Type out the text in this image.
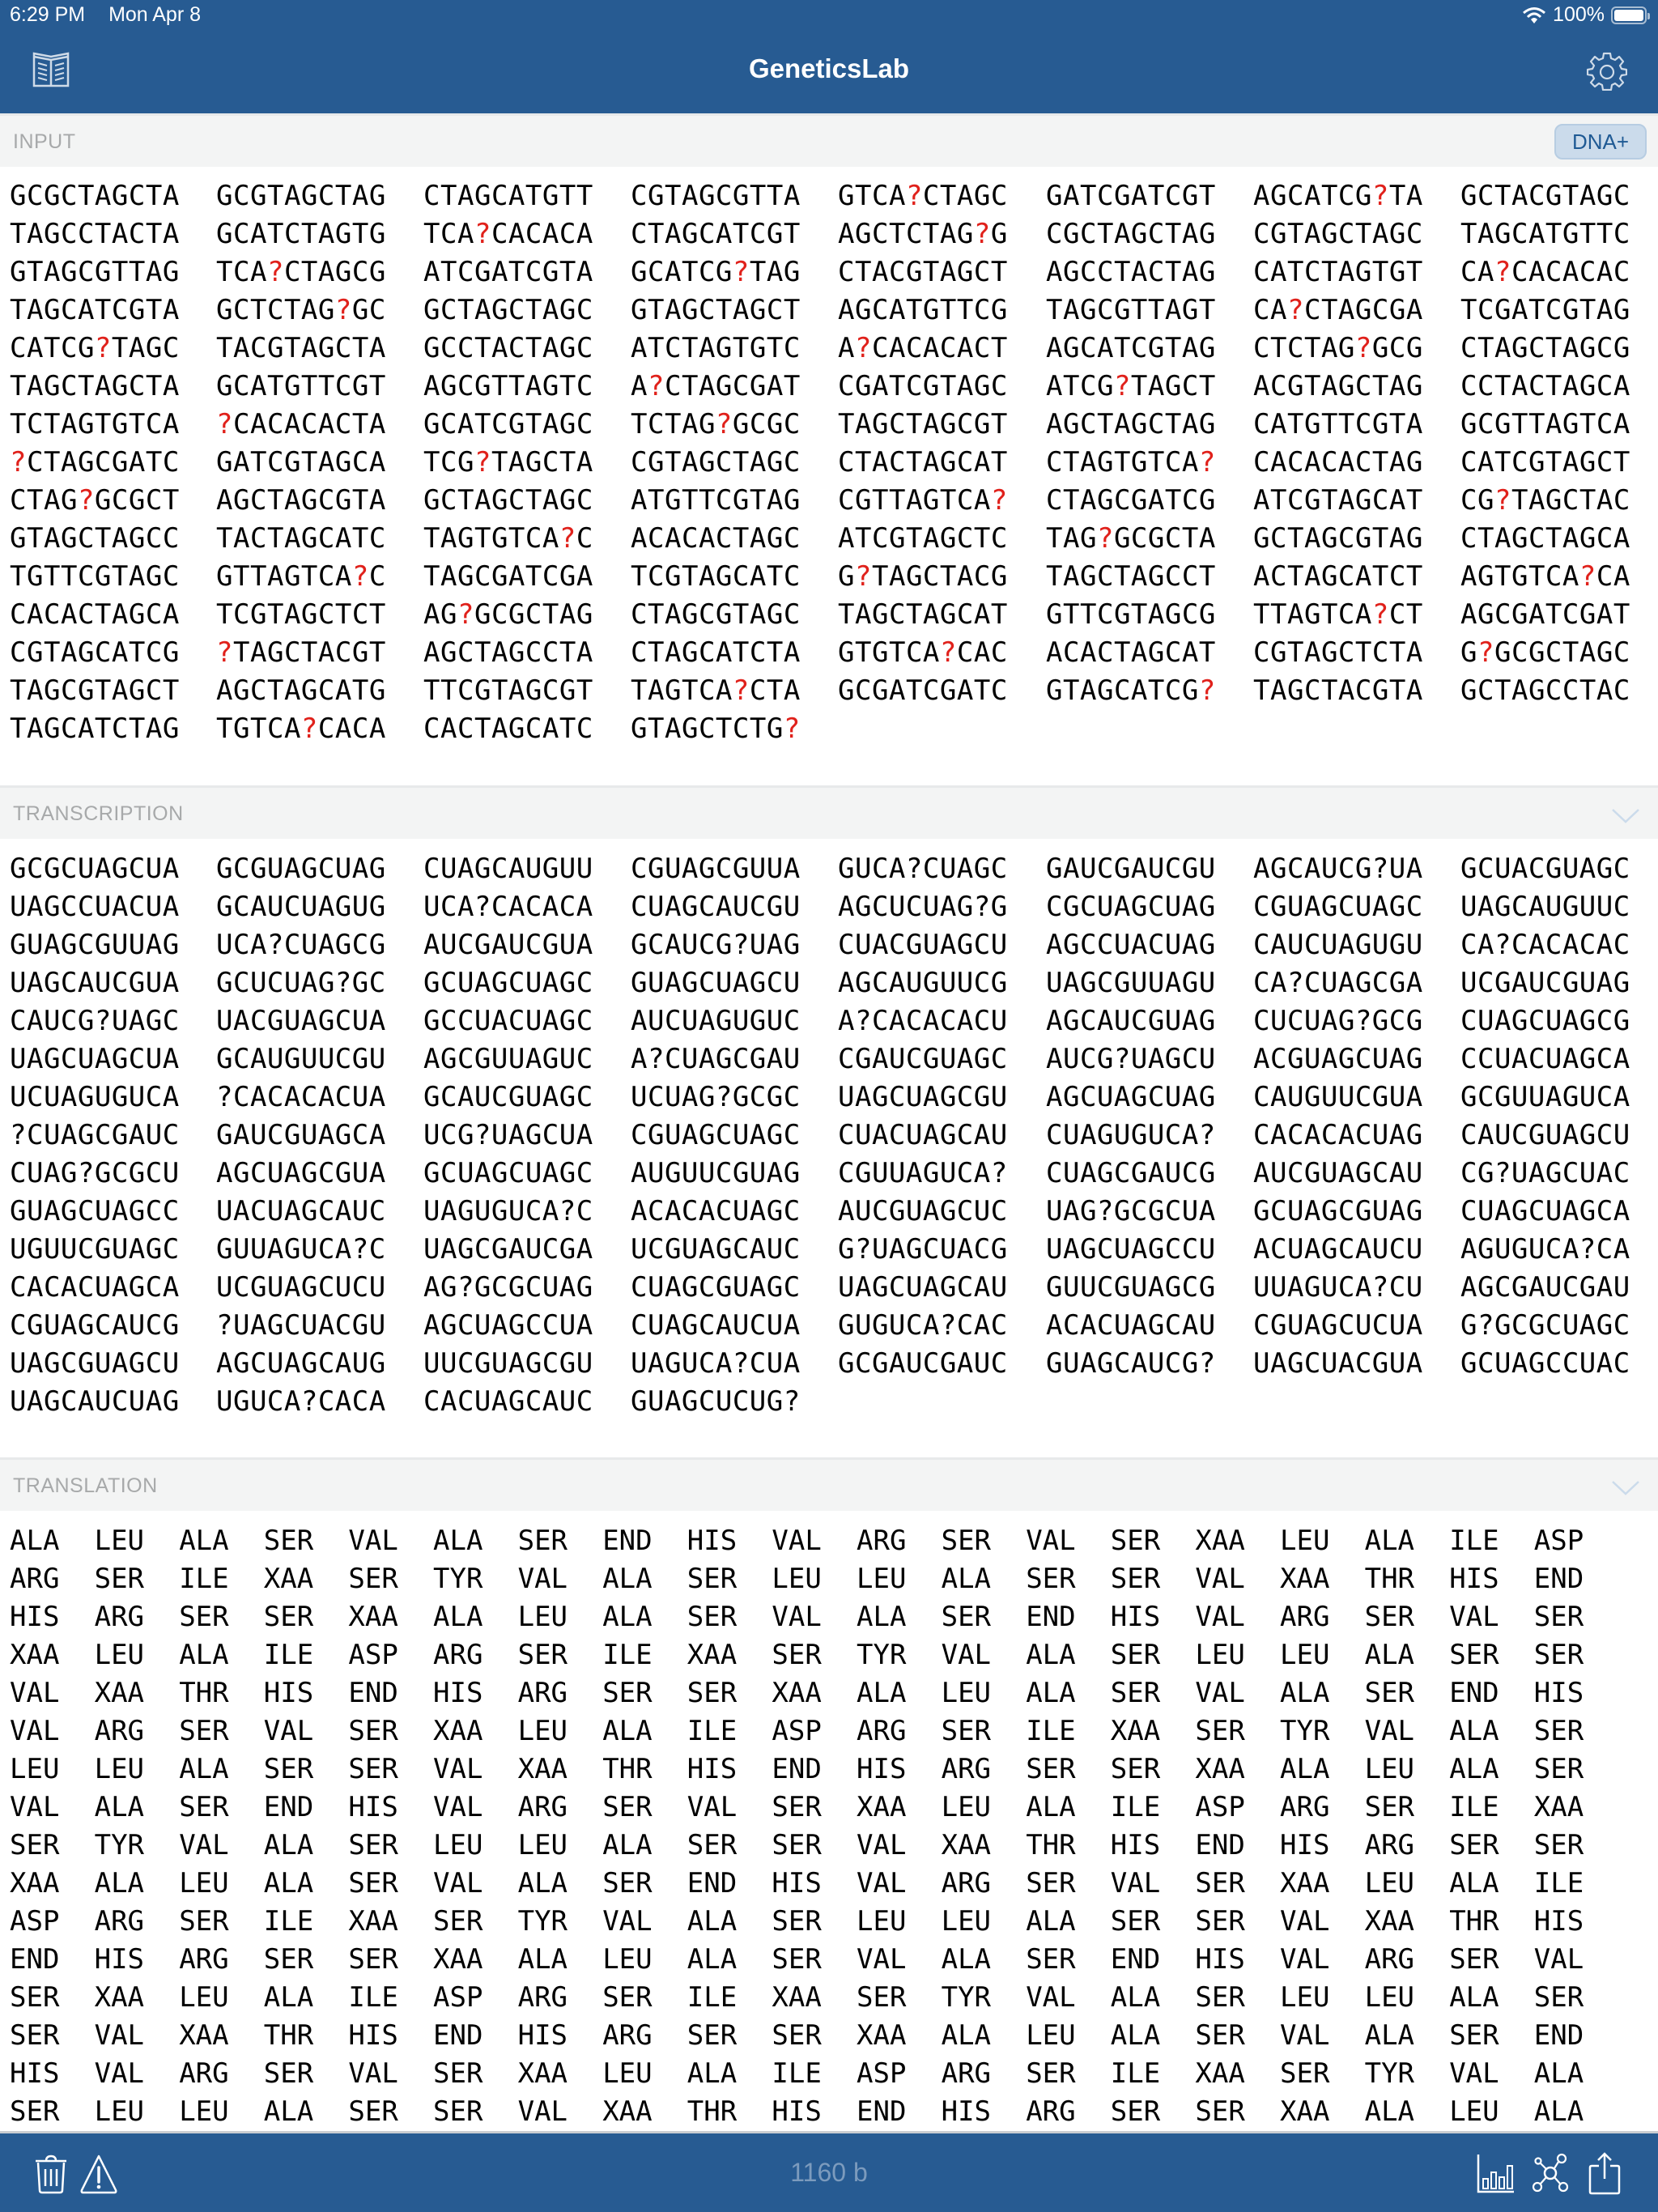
6:29 PM Mon Apr 8	100%
GeneticsLab
INPUT	DNA+
GCGCTAGCTA GCGTAGCTAG CTAGCATGTT CGTAGCGTTA GTCA?CTAGC GATCGATCGT AGCATCG?TA GCTACGTAGC
TAGCCTACTA GCATCTAGTG TCA?CACACA CTAGCATCGT AGCTCTAG?G CGCTAGCTAG CGTAGCTAGC TAGCATGTTC
GTAGCGTTAG TCA?CTAGCG ATCGATCGTA GCATCG?TAG CTACGTAGCT AGCCTACTAG CATCTAGTGT CA?CACACAC
TAGCATCGTA GCTCTAG?GC GCTAGCTAGC GTAGCTAGCT AGCATGTTCG TAGCGTTAGT CA?CTAGCGA TCGATCGTAG
CATCG?TAGC TACGTAGCTA GCCTACTAGC ATCTAGTGTC A?CACACACT AGCATCGTAG CTCTAG?GCG CTAGCTAGCG
TAGCTAGCTA GCATGTTCGT AGCGTTAGTC A?CTAGCGAT CGATCGTAGC ATCG?TAGCT ACGTAGCTAG CCTACTAGCA
TCTAGTGTCA ?CACACACTA GCATCGTAGC TCTAG?GCGC TAGCTAGCGT AGCTAGCTAG CATGTTCGTA GCGTTAGTCA
?CTAGCGATC GATCGTAGCA TCG?TAGCTA CGTAGCTAGC CTACTAGCAT CTAGTGTCA? CACACACTAG CATCGTAGCT
CTAG?GCGCT AGCTAGCGTA GCTAGCTAGC ATGTTCGTAG CGTTAGTCA? CTAGCGATCG ATCGTAGCAT CG?TAGCTAC
GTAGCTAGCC TACTAGCATC TAGTGTCA?C ACACACTAGC ATCGTAGCTC TAG?GCGCTA GCTAGCGTAG CTAGCTAGCA
TGTTCGTAGC GTTAGTCA?C TAGCGATCGA TCGTAGCATC G?TAGCTACG TAGCTAGCCT ACTAGCATCT AGTGTCA?CA
CACACTAGCA TCGTAGCTCT AG?GCGCTAG CTAGCGTAGC TAGCTAGCAT GTTCGTAGCG TTAGTCA?CT AGCGATCGAT
CGTAGCATCG ?TAGCTACGT AGCTAGCCTA CTAGCATCTA GTGTCA?CAC ACACTAGCAT CGTAGCTCTA G?GCGCTAGC
TAGCGTAGCT AGCTAGCATG TTCGTAGCGT TAGTCA?CTA GCGATCGATC GTAGCATCG? TAGCTACGTA GCTAGCCTAC
TAGCATCTAG TGTCA?CACA CACTAGCATC GTAGCTCTG?
TRANSCRIPTION
GCGCUAGCUA GCGUAGCUAG CUAGCAUGUU CGUAGCGUUA GUCA?CUAGC GAUCGAUCGU AGCAUCG?UA GCUACGUAGC
UAGCCUACUA GCAUCUAGUG UCA?CACACA CUAGCAUCGU AGCUCUAG?G CGCUAGCUAG CGUAGCUAGC UAGCAUGUUC
GUAGCGUUAG UCA?CUAGCG AUCGAUCGUA GCAUCG?UAG CUACGUAGCU AGCCUACUAG CAUCUAGUGU CA?CACACAC
UAGCAUCGUA GCUCUAG?GC GCUAGCUAGC GUAGCUAGCU AGCAUGUUCG UAGCGUUAGU CA?CUAGCGA UCGAUCGUAG
CAUCG?UAGC UACGUAGCUA GCCUACUAGC AUCUAGUGUC A?CACACACU AGCAUCGUAG CUCUAG?GCG CUAGCUAGCG
UAGCUAGCUA GCAUGUUCGU AGCGUUAGUC A?CUAGCGAU CGAUCGUAGC AUCG?UAGCU ACGUAGCUAG CCUACUAGCA
UCUAGUGUCA ?CACACACUA GCAUCGUAGC UCUAG?GCGC UAGCUAGCGU AGCUAGCUAG CAUGUUCGUA GCGUUAGUCA
?CUAGCGAUC GAUCGUAGCA UCG?UAGCUA CGUAGCUAGC CUACUAGCAU CUAGUGUCA? CACACACUAG CAUCGUAGCU
CUAG?GCGCU AGCUAGCGUA GCUAGCUAGC AUGUUCGUAG CGUUAGUCA? CUAGCGAUCG AUCGUAGCAU CG?UAGCUAC
GUAGCUAGCC UACUAGCAUC UAGUGUCA?C ACACACUAGC AUCGUAGCUC UAG?GCGCUA GCUAGCGUAG CUAGCUAGCA
UGUUCGUAGC GUUAGUCA?C UAGCGAUCGA UCGUAGCAUC G?UAGCUACG UAGCUAGCCU ACUAGCAUCU AGUGUCA?CA
CACACUAGCA UCGUAGCUCU AG?GCGCUAG CUAGCGUAGC UAGCUAGCAU GUUCGUAGCG UUAGUCA?CU AGCGAUCGAU
CGUAGCAUCG ?UAGCUACGU AGCUAGCCUA CUAGCAUCUA GUGUCA?CAC ACACUAGCAU CGUAGCUCUA G?GCGCUAGC
UAGCGUAGCU AGCUAGCAUG UUCGUAGCGU UAGUCA?CUA GCGAUCGAUC GUAGCAUCG? UAGCUACGUA GCUAGCCUAC
UAGCAUCUAG UGUCA?CACA CACUAGCAUC GUAGCUCUG?
TRANSLATION
ALA LEU ALA SER VAL ALA SER END HIS VAL ARG SER VAL SER XAA LEU ALA ILE ASP
ARG SER ILE XAA SER TYR VAL ALA SER LEU LEU ALA SER SER VAL XAA THR HIS END
HIS ARG SER SER XAA ALA LEU ALA SER VAL ALA SER END HIS VAL ARG SER VAL SER
XAA LEU ALA ILE ASP ARG SER ILE XAA SER TYR VAL ALA SER LEU LEU ALA SER SER
VAL XAA THR HIS END HIS ARG SER SER XAA ALA LEU ALA SER VAL ALA SER END HIS
VAL ARG SER VAL SER XAA LEU ALA ILE ASP ARG SER ILE XAA SER TYR VAL ALA SER
LEU LEU ALA SER SER VAL XAA THR HIS END HIS ARG SER SER XAA ALA LEU ALA SER
VAL ALA SER END HIS VAL ARG SER VAL SER XAA LEU ALA ILE ASP ARG SER ILE XAA
SER TYR VAL ALA SER LEU LEU ALA SER SER VAL XAA THR HIS END HIS ARG SER SER
XAA ALA LEU ALA SER VAL ALA SER END HIS VAL ARG SER VAL SER XAA LEU ALA ILE
ASP ARG SER ILE XAA SER TYR VAL ALA SER LEU LEU ALA SER SER VAL XAA THR HIS
END HIS ARG SER SER XAA ALA LEU ALA SER VAL ALA SER END HIS VAL ARG SER VAL
SER XAA LEU ALA ILE ASP ARG SER ILE XAA SER TYR VAL ALA SER LEU LEU ALA SER
SER VAL XAA THR HIS END HIS ARG SER SER XAA ALA LEU ALA SER VAL ALA SER END
HIS VAL ARG SER VAL SER XAA LEU ALA ILE ASP ARG SER ILE XAA SER TYR VAL ALA
SER LEU LEU ALA SER SER VAL XAA THR HIS END HIS ARG SER SER XAA ALA LEU ALA
1160 b
